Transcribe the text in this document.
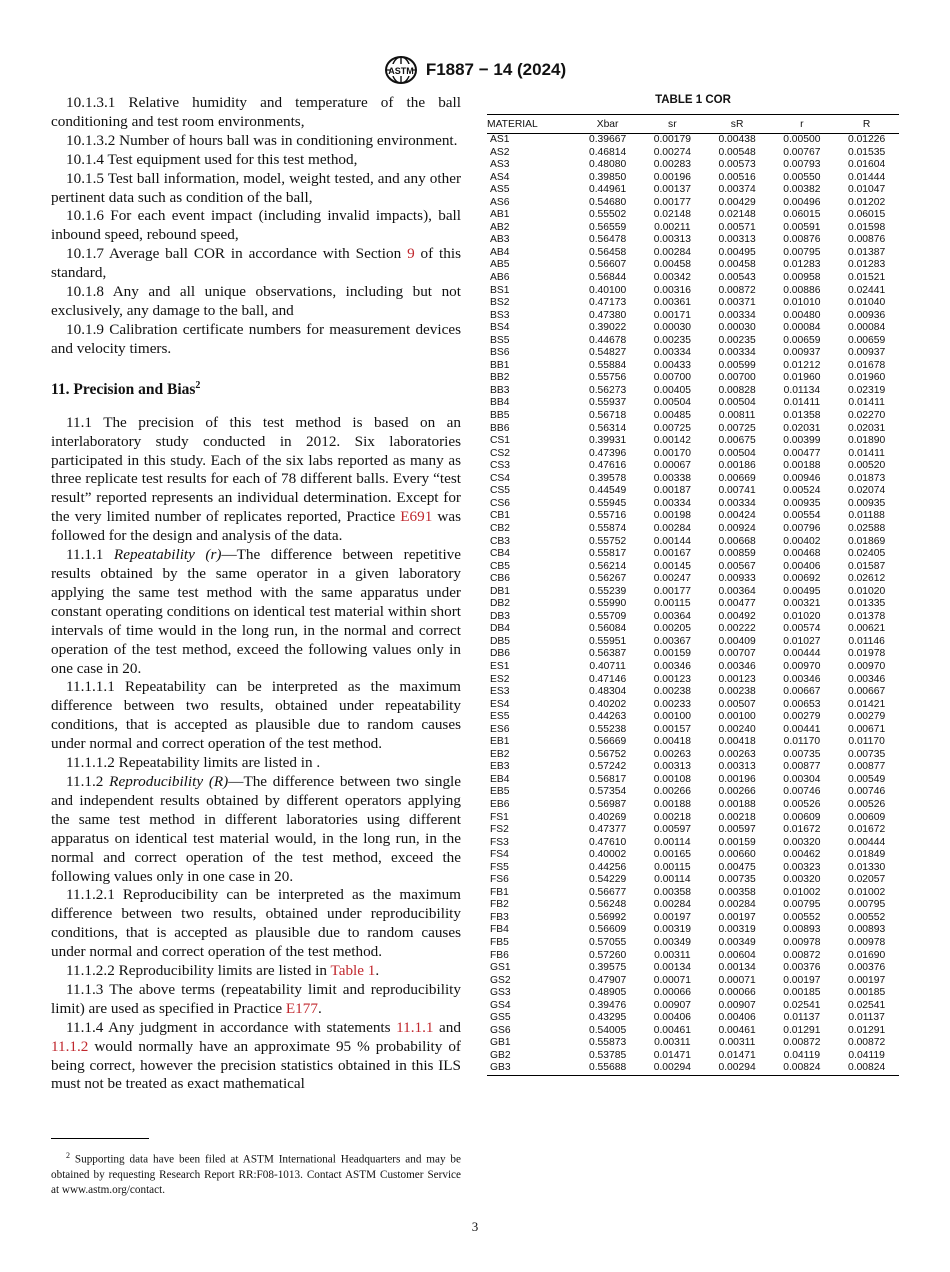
ASTM F1887 − 14 (2024)

10.1.3.1 Relative humidity and temperature of the ball conditioning and test room environments,

10.1.3.2 Number of hours ball was in conditioning environment.

10.1.4 Test equipment used for this test method,

10.1.5 Test ball information, model, weight tested, and any other pertinent data such as condition of the ball,

10.1.6 For each event impact (including invalid impacts), ball inbound speed, rebound speed,

10.1.7 Average ball COR in accordance with Section 9 of this standard,

10.1.8 Any and all unique observations, including but not exclusively, any damage to the ball, and

10.1.9 Calibration certificate numbers for measurement devices and velocity timers.

11. Precision and Bias$^2$

11.1 The precision of this test method is based on an interlaboratory study conducted in 2012. Six laboratories participated in this study. Each of the six labs reported as many as three replicate test results for each of 78 different balls. Every “test result” reported represents an individual determination. Except for the very limited number of replicates reported, Practice E691 was followed for the design and analysis of the data.

11.1.1 Repeatability (r)—The difference between repetitive results obtained by the same operator in a given laboratory applying the same test method with the same apparatus under constant operating conditions on identical test material within short intervals of time would in the long run, in the normal and correct operation of the test method, exceed the following values only in one case in 20.

11.1.1.1 Repeatability can be interpreted as the maximum difference between two results, obtained under repeatability conditions, that is accepted as plausible due to random causes under normal and correct operation of the test method.

11.1.1.2 Repeatability limits are listed in .

11.1.2 Reproducibility (R)—The difference between two single and independent results obtained by different operators applying the same test method in different laboratories using different apparatus on identical test material would, in the long run, in the normal and correct operation of the test method, exceed the following values only in one case in 20.

11.1.2.1 Reproducibility can be interpreted as the maximum difference between two results, obtained under reproducibility conditions, that is accepted as plausible due to random causes under normal and correct operation of the test method.

11.1.2.2 Reproducibility limits are listed in Table 1.

11.1.3 The above terms (repeatability limit and reproducibility limit) are used as specified in Practice E177.

11.1.4 Any judgment in accordance with statements 11.1.1 and 11.1.2 would normally have an approximate 95 % probability of being correct, however the precision statistics obtained in this ILS must not be treated as exact mathematical

$^2$ Supporting data have been filed at ASTM International Headquarters and may be obtained by requesting Research Report RR:F08-1013. Contact ASTM Customer Service at www.astm.org/contact.
TABLE 1 COR
MATERIAL	Xbar	sr	sR	r	R
AS1	0.39667	0.00179	0.00438	0.00500	0.01226
AS2	0.46814	0.00274	0.00548	0.00767	0.01535
AS3	0.48080	0.00283	0.00573	0.00793	0.01604
AS4	0.39850	0.00196	0.00516	0.00550	0.01444
AS5	0.44961	0.00137	0.00374	0.00382	0.01047
AS6	0.54680	0.00177	0.00429	0.00496	0.01202
AB1	0.55502	0.02148	0.02148	0.06015	0.06015
AB2	0.56559	0.00211	0.00571	0.00591	0.01598
AB3	0.56478	0.00313	0.00313	0.00876	0.00876
AB4	0.56458	0.00284	0.00495	0.00795	0.01387
AB5	0.56607	0.00458	0.00458	0.01283	0.01283
AB6	0.56844	0.00342	0.00543	0.00958	0.01521
BS1	0.40100	0.00316	0.00872	0.00886	0.02441
BS2	0.47173	0.00361	0.00371	0.01010	0.01040
BS3	0.47380	0.00171	0.00334	0.00480	0.00936
BS4	0.39022	0.00030	0.00030	0.00084	0.00084
BS5	0.44678	0.00235	0.00235	0.00659	0.00659
BS6	0.54827	0.00334	0.00334	0.00937	0.00937
BB1	0.55884	0.00433	0.00599	0.01212	0.01678
BB2	0.55756	0.00700	0.00700	0.01960	0.01960
BB3	0.56273	0.00405	0.00828	0.01134	0.02319
BB4	0.55937	0.00504	0.00504	0.01411	0.01411
BB5	0.56718	0.00485	0.00811	0.01358	0.02270
BB6	0.56314	0.00725	0.00725	0.02031	0.02031
CS1	0.39931	0.00142	0.00675	0.00399	0.01890
CS2	0.47396	0.00170	0.00504	0.00477	0.01411
CS3	0.47616	0.00067	0.00186	0.00188	0.00520
CS4	0.39578	0.00338	0.00669	0.00946	0.01873
CS5	0.44549	0.00187	0.00741	0.00524	0.02074
CS6	0.55945	0.00334	0.00334	0.00935	0.00935
CB1	0.55716	0.00198	0.00424	0.00554	0.01188
CB2	0.55874	0.00284	0.00924	0.00796	0.02588
CB3	0.55752	0.00144	0.00668	0.00402	0.01869
CB4	0.55817	0.00167	0.00859	0.00468	0.02405
CB5	0.56214	0.00145	0.00567	0.00406	0.01587
CB6	0.56267	0.00247	0.00933	0.00692	0.02612
DB1	0.55239	0.00177	0.00364	0.00495	0.01020
DB2	0.55990	0.00115	0.00477	0.00321	0.01335
DB3	0.55709	0.00364	0.00492	0.01020	0.01378
DB4	0.56084	0.00205	0.00222	0.00574	0.00621
DB5	0.55951	0.00367	0.00409	0.01027	0.01146
DB6	0.56387	0.00159	0.00707	0.00444	0.01978
ES1	0.40711	0.00346	0.00346	0.00970	0.00970
ES2	0.47146	0.00123	0.00123	0.00346	0.00346
ES3	0.48304	0.00238	0.00238	0.00667	0.00667
ES4	0.40202	0.00233	0.00507	0.00653	0.01421
ES5	0.44263	0.00100	0.00100	0.00279	0.00279
ES6	0.55238	0.00157	0.00240	0.00441	0.00671
EB1	0.56669	0.00418	0.00418	0.01170	0.01170
EB2	0.56752	0.00263	0.00263	0.00735	0.00735
EB3	0.57242	0.00313	0.00313	0.00877	0.00877
EB4	0.56817	0.00108	0.00196	0.00304	0.00549
EB5	0.57354	0.00266	0.00266	0.00746	0.00746
EB6	0.56987	0.00188	0.00188	0.00526	0.00526
FS1	0.40269	0.00218	0.00218	0.00609	0.00609
FS2	0.47377	0.00597	0.00597	0.01672	0.01672
FS3	0.47610	0.00114	0.00159	0.00320	0.00444
FS4	0.40002	0.00165	0.00660	0.00462	0.01849
FS5	0.44256	0.00115	0.00475	0.00323	0.01330
FS6	0.54229	0.00114	0.00735	0.00320	0.02057
FB1	0.56677	0.00358	0.00358	0.01002	0.01002
FB2	0.56248	0.00284	0.00284	0.00795	0.00795
FB3	0.56992	0.00197	0.00197	0.00552	0.00552
FB4	0.56609	0.00319	0.00319	0.00893	0.00893
FB5	0.57055	0.00349	0.00349	0.00978	0.00978
FB6	0.57260	0.00311	0.00604	0.00872	0.01690
GS1	0.39575	0.00134	0.00134	0.00376	0.00376
GS2	0.47907	0.00071	0.00071	0.00197	0.00197
GS3	0.48905	0.00066	0.00066	0.00185	0.00185
GS4	0.39476	0.00907	0.00907	0.02541	0.02541
GS5	0.43295	0.00406	0.00406	0.01137	0.01137
GS6	0.54005	0.00461	0.00461	0.01291	0.01291
GB1	0.55873	0.00311	0.00311	0.00872	0.00872
GB2	0.53785	0.01471	0.01471	0.04119	0.04119
GB3	0.55688	0.00294	0.00294	0.00824	0.00824
3
